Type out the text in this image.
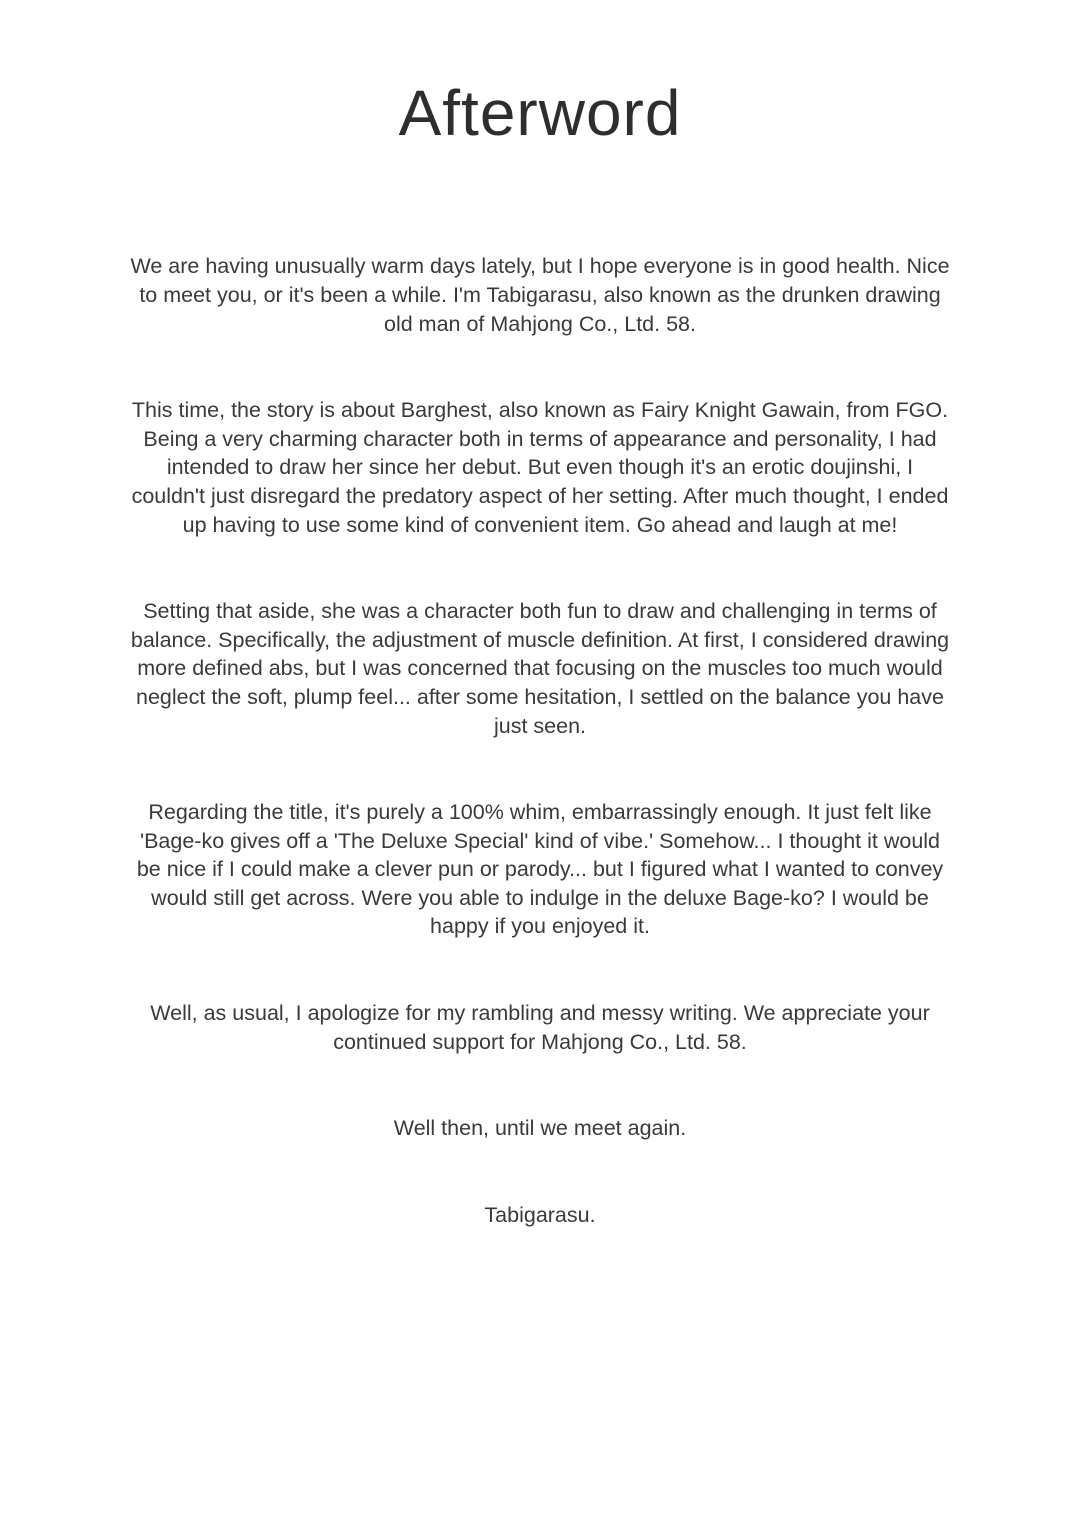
Afterword

We are having unusually warm days lately, but I hope everyone is in good health. Nice to meet you, or it's been a while. I'm Tabigarasu, also known as the drunken drawing old man of Mahjong Co., Ltd. 58.

This time, the story is about Barghest, also known as Fairy Knight Gawain, from FGO. Being a very charming character both in terms of appearance and personality, I had intended to draw her since her debut. But even though it's an erotic doujinshi, I couldn't just disregard the predatory aspect of her setting. After much thought, I ended up having to use some kind of convenient item. Go ahead and laugh at me!

Setting that aside, she was a character both fun to draw and challenging in terms of balance. Specifically, the adjustment of muscle definition. At first, I considered drawing more defined abs, but I was concerned that focusing on the muscles too much would neglect the soft, plump feel... after some hesitation, I settled on the balance you have just seen.

Regarding the title, it's purely a 100% whim, embarrassingly enough. It just felt like 'Bage-ko gives off a 'The Deluxe Special' kind of vibe.' Somehow... I thought it would be nice if I could make a clever pun or parody... but I figured what I wanted to convey would still get across. Were you able to indulge in the deluxe Bage-ko? I would be happy if you enjoyed it.

Well, as usual, I apologize for my rambling and messy writing. We appreciate your continued support for Mahjong Co., Ltd. 58.

Well then, until we meet again.

Tabigarasu.
